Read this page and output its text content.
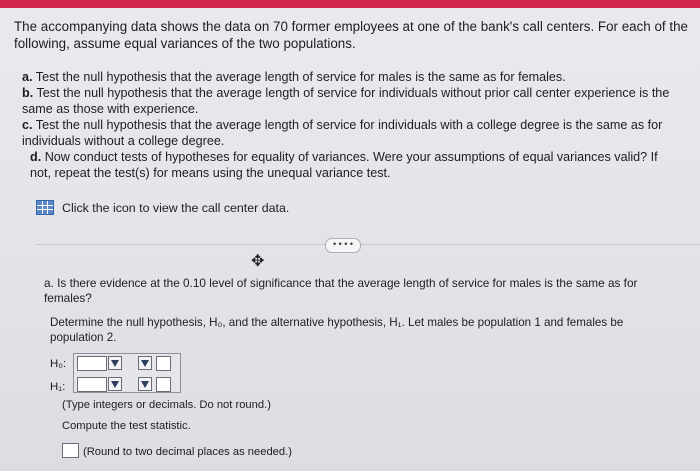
The accompanying data shows the data on 70 former employees at one of the bank's call centers. For each of the following, assume equal variances of the two populations.
a. Test the null hypothesis that the average length of service for males is the same as for females.
b. Test the null hypothesis that the average length of service for individuals without prior call center experience is the same as those with experience.
c. Test the null hypothesis that the average length of service for individuals with a college degree is the same as for individuals without a college degree.
d. Now conduct tests of hypotheses for equality of variances. Were your assumptions of equal variances valid? If not, repeat the test(s) for means using the unequal variance test.
Click the icon to view the call center data.
• • • •
✥
a. Is there evidence at the 0.10 level of significance that the average length of service for males is the same as for females?
Determine the null hypothesis, H₀, and the alternative hypothesis, H₁. Let males be population 1 and females be population 2.
H₀:
H₁:
(Type integers or decimals. Do not round.)
Compute the test statistic.
(Round to two decimal places as needed.)
